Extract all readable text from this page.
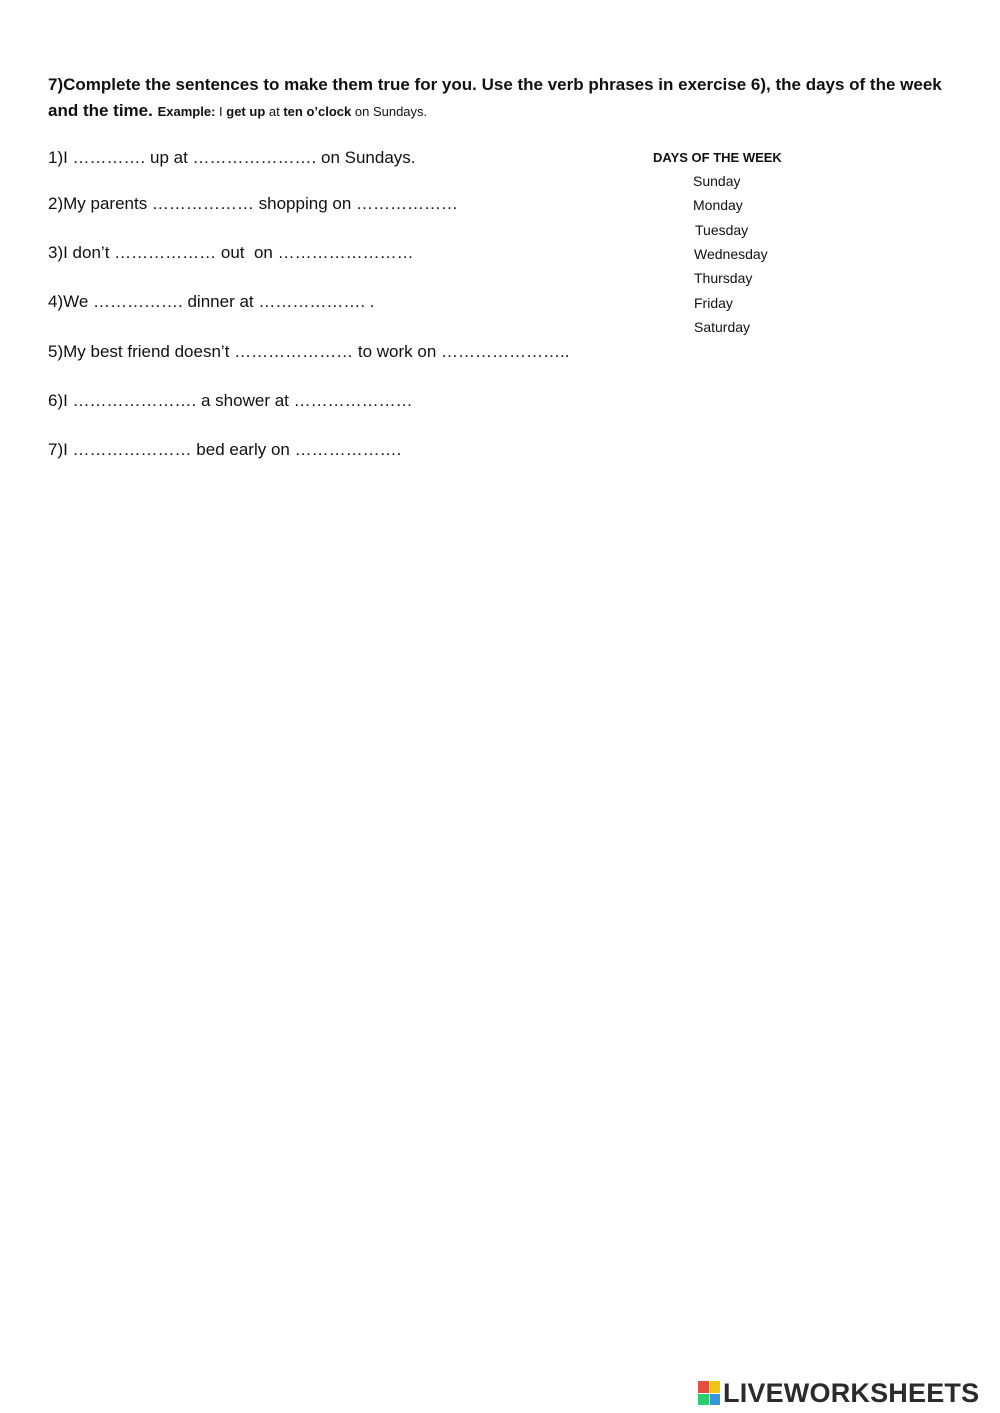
7)Complete the sentences to make them true for you. Use the verb phrases in exercise 6), the days of the week and the time. Example: I get up at ten o’clock on Sundays.
1)I …………. up at …………………. on Sundays.
2)My parents ……………… shopping on ………………
3)I don’t ……………… out  on ……………………
4)We ……………. dinner at ………………. .
5)My best friend doesn’t ………………… to work on …………………..
6)I …………………. a shower at …………………
7)I ………………… bed early on ……………….
DAYS OF THE WEEK
Sunday
Monday
Tuesday
Wednesday
Thursday
Friday
Saturday
LIVEWORKSHEETS
